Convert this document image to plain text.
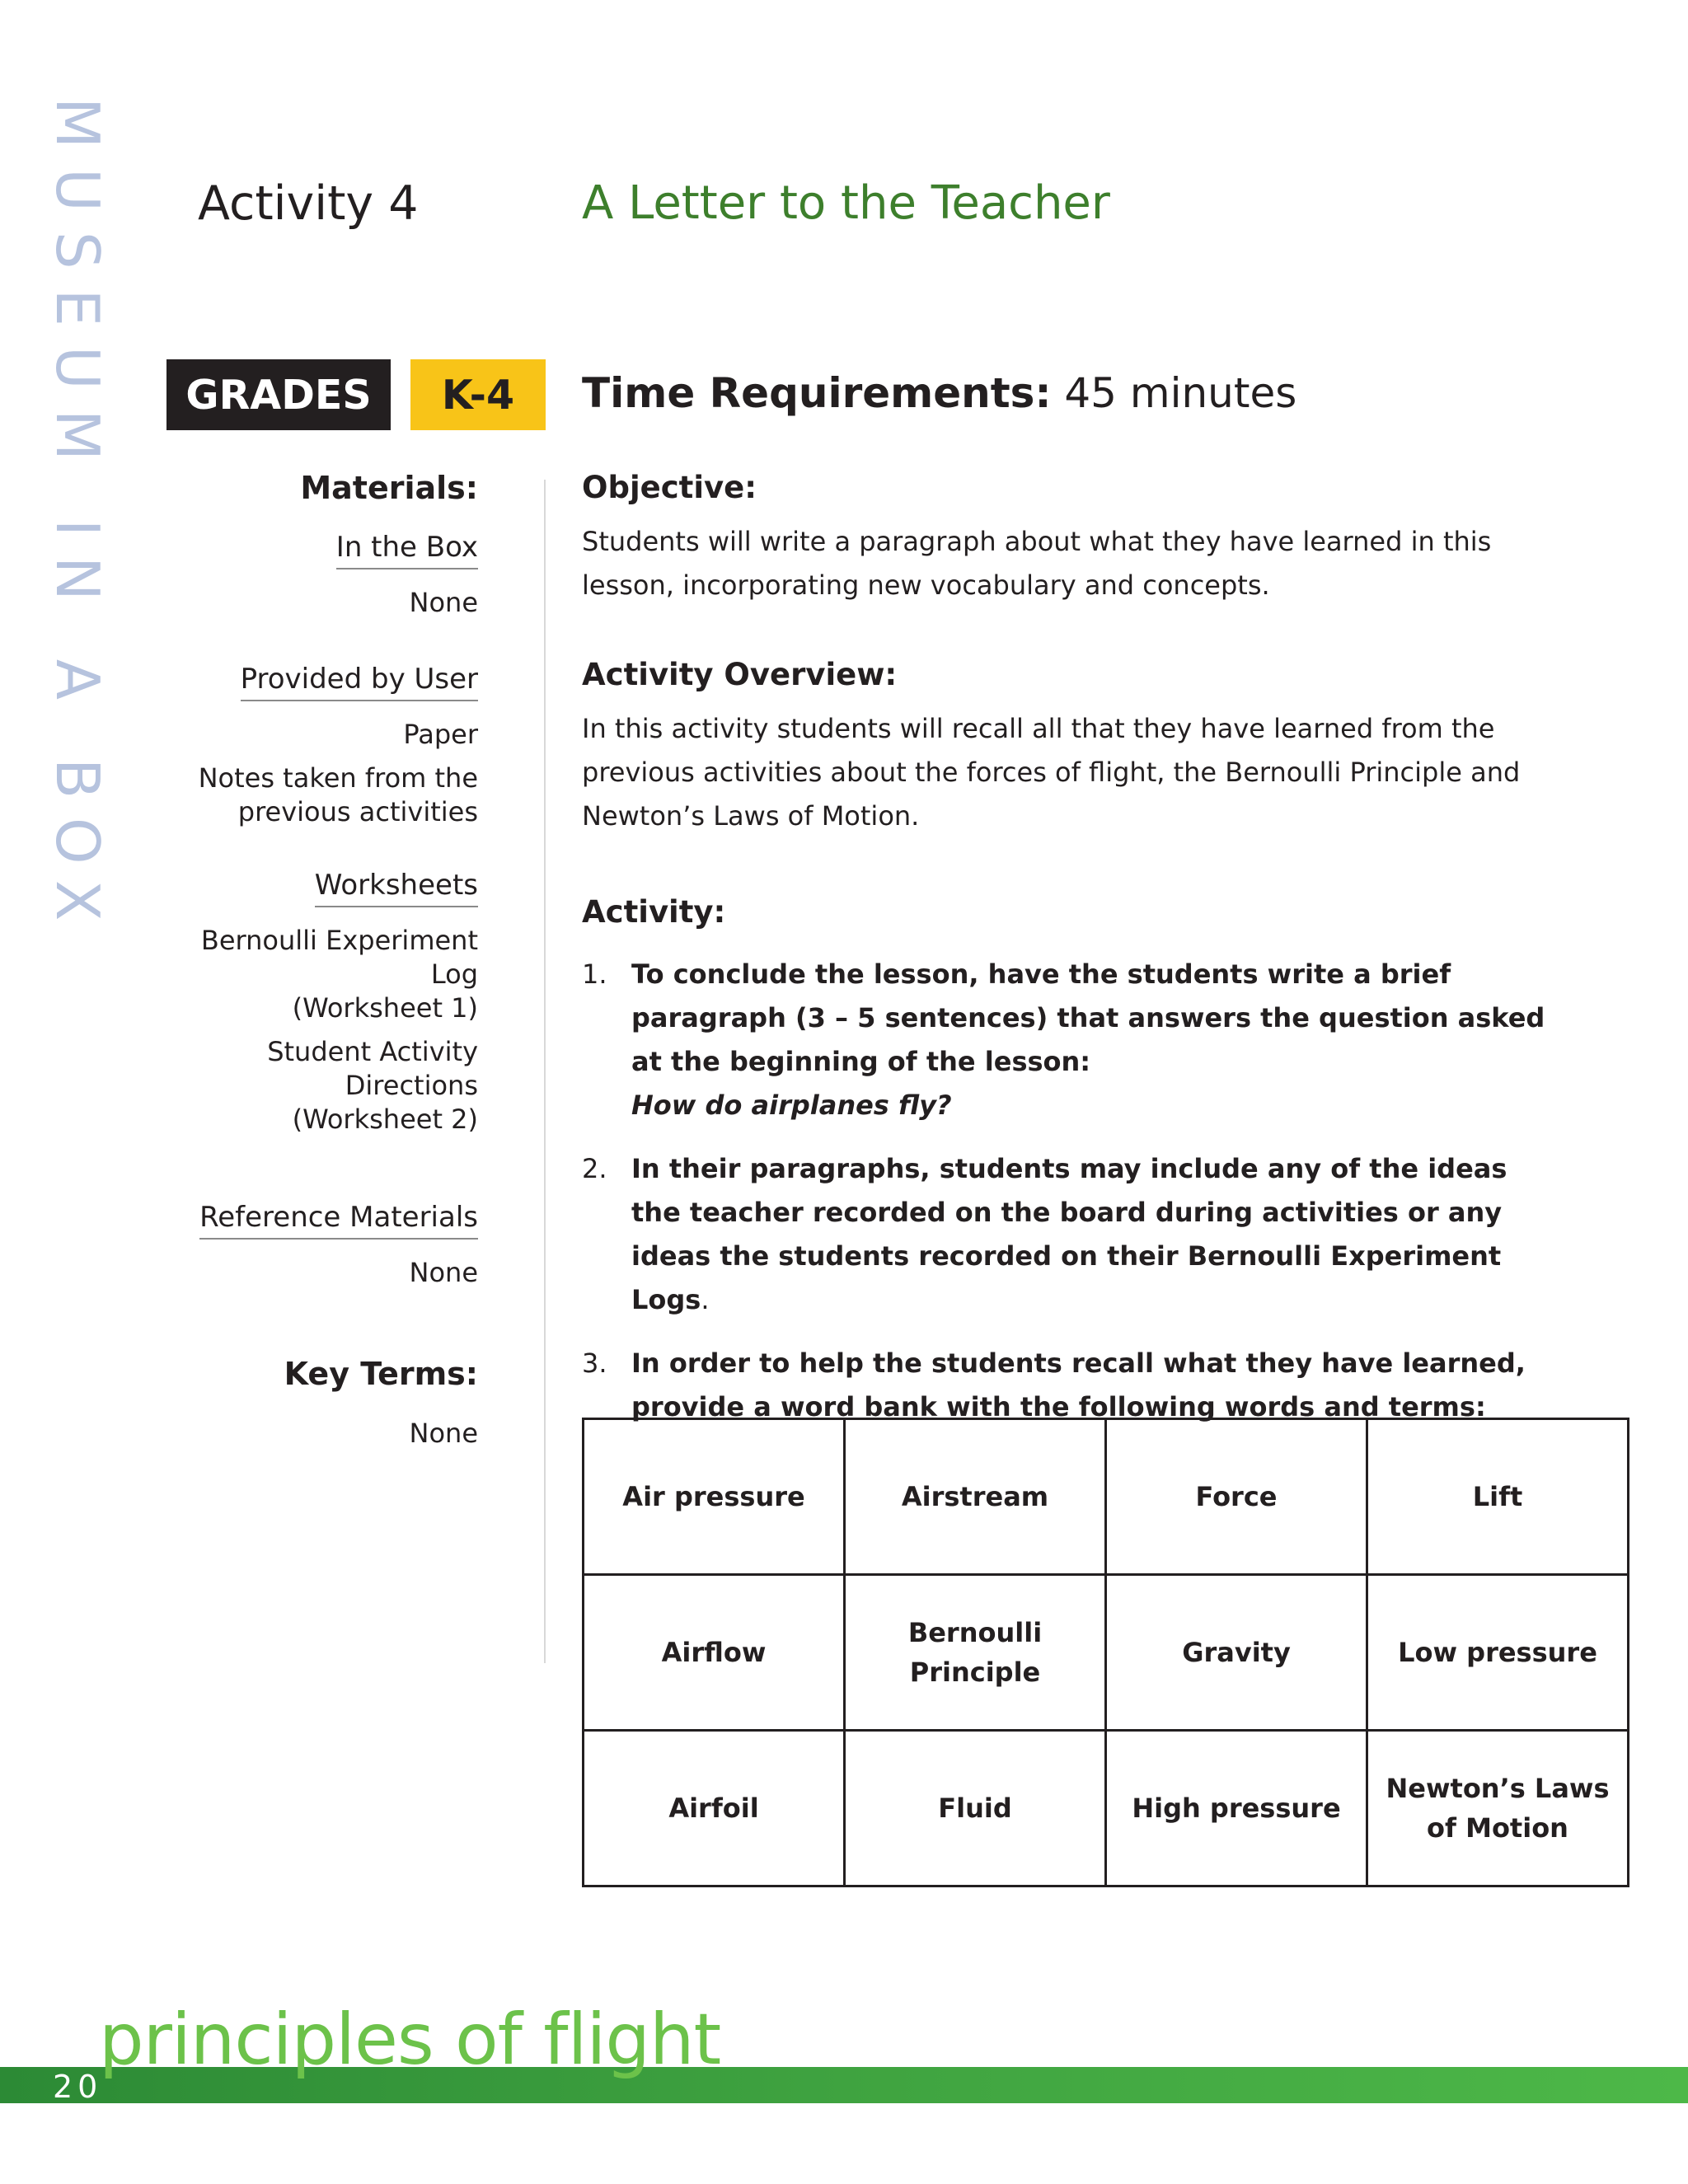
MUSEUM IN A BOX Activity 4	A Letter to the Teacher
GRADES	K-4	Time Requirements: 45 minutes
Materials:
In the Box
None
Provided by User
Paper
Notes taken from the
previous activities
Worksheets
Bernoulli Experiment Log
(Worksheet 1)
Student Activity Directions
(Worksheet 2)
Reference Materials
None
Key Terms:
None
Objective:

Students will write a paragraph about what they have learned in this lesson, incorporating new vocabulary and concepts.

Activity Overview:

In this activity students will recall all that they have learned from the previous activities about the forces of flight, the Bernoulli Principle and Newton’s Laws of Motion.

Activity:
1. To conclude the lesson, have the students write a brief paragraph (3 – 5 sentences) that answers the question asked at the beginning of the lesson:
How do airplanes fly?
2. In their paragraphs, students may include any of the ideas the teacher recorded on the board during activities or any ideas the students recorded on their Bernoulli Experiment Logs.
3. In order to help the students recall what they have learned, provide a word bank with the following words and terms:
Air pressure	Airstream	Force	Lift
Airflow	Bernoulli Principle	Gravity	Low pressure
Airfoil	Fluid	High pressure	Newton’s Laws of Motion
principles of flight
20
